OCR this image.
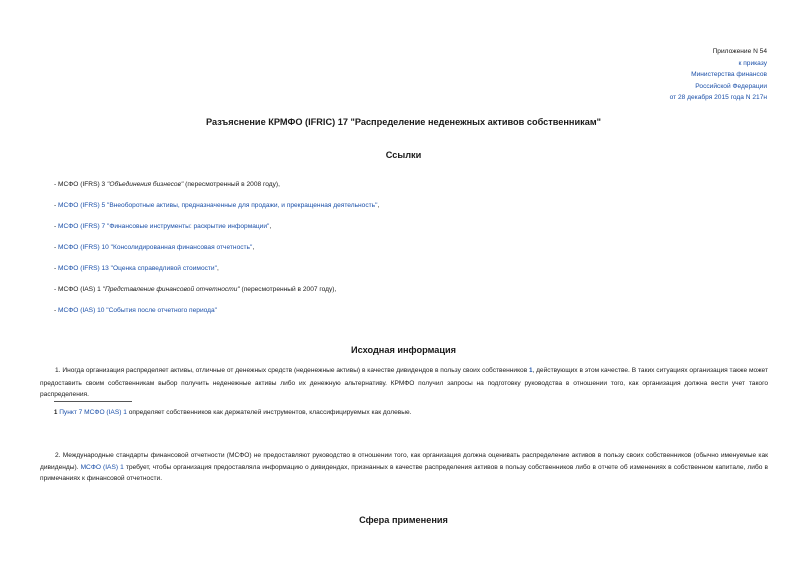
Приложение N 54
к приказу
Министерства финансов
Российской Федерации
от 28 декабря 2015 года N 217н
Разъяснение КРМФО (IFRIC) 17 "Распределение неденежных активов собственникам"
Ссылки
- МСФО (IFRS) 3 "Объединения бизнесов" (пересмотренный в 2008 году),
- МСФО (IFRS) 5 "Внеоборотные активы, предназначенные для продажи, и прекращенная деятельность",
- МСФО (IFRS) 7 "Финансовые инструменты: раскрытие информации",
- МСФО (IFRS) 10 "Консолидированная финансовая отчетность",
- МСФО (IFRS) 13 "Оценка справедливой стоимости",
- МСФО (IAS) 1 "Представление финансовой отчетности" (пересмотренный в 2007 году),
- МСФО (IAS) 10 "События после отчетного периода"
Исходная информация

1. Иногда организация распределяет активы, отличные от денежных средств (неденежные активы) в качестве дивидендов в пользу своих собственников 1, действующих в этом качестве. В таких ситуациях организация также может предоставить своим собственникам выбор получить неденежные активы либо их денежную альтернативу. КРМФО получил запросы на подготовку руководства в отношении того, как организация должна вести учет такого распределения.

1 Пункт 7 МСФО (IAS) 1 определяет собственников как держателей инструментов, классифицируемых как долевые.

2. Международные стандарты финансовой отчетности (МСФО) не предоставляют руководство в отношении того, как организация должна оценивать распределение активов в пользу своих собственников (обычно именуемые как дивиденды). МСФО (IAS) 1 требует, чтобы организация предоставляла информацию о дивидендах, признанных в качестве распределения активов в пользу собственников либо в отчете об изменениях в собственном капитале, либо в примечаниях к финансовой отчетности.

Сфера применения
